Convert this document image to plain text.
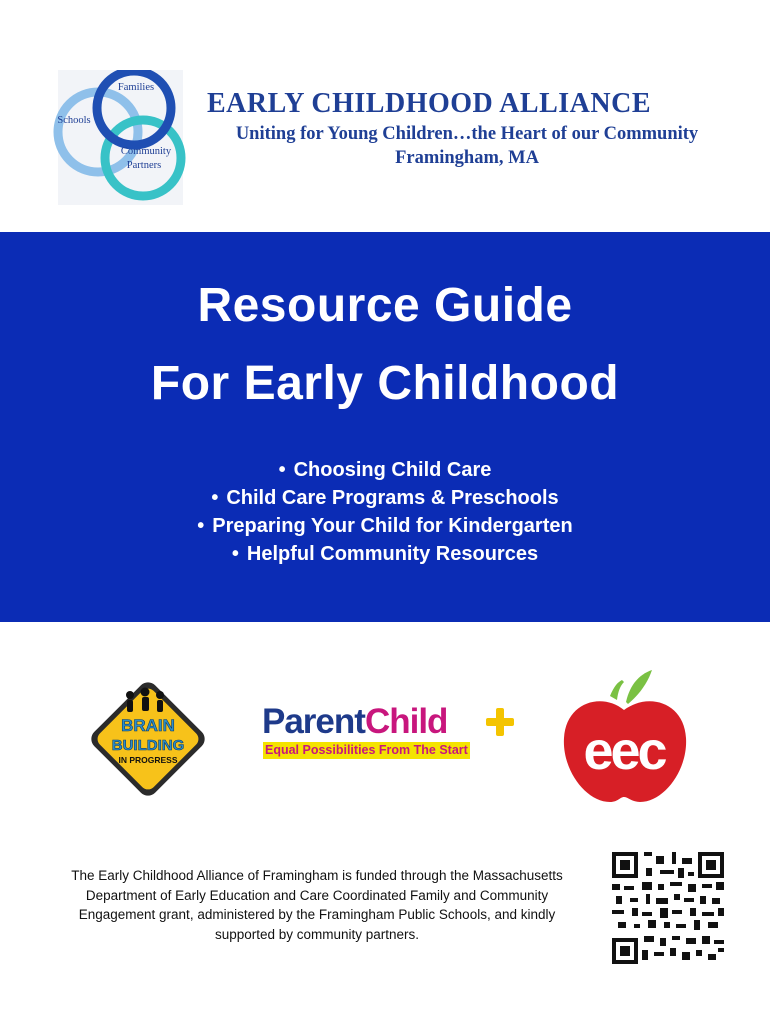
Families
Schools
Community
Partners
EARLY CHILDHOOD ALLIANCE
Uniting for Young Children…the Heart of our Community
Framingham, MA
Resource Guide
For Early Childhood
• Choosing Child Care
• Child Care Programs & Preschools
• Preparing Your Child for Kindergarten
• Helpful Community Resources
BRAIN
BUILDING
IN PROGRESS
ParentChild
Equal Possibilities From The Start eec

The Early Childhood Alliance of Framingham is funded through the Massachusetts Department of Early Education and Care Coordinated Family and Community Engagement grant, administered by the Framingham Public Schools, and kindly supported by community partners.
